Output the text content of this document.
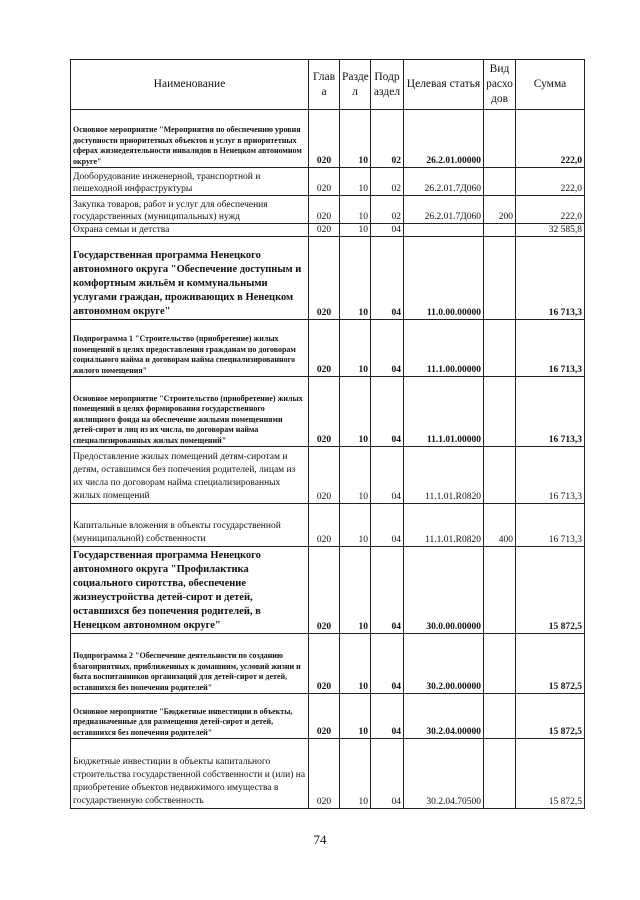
Наименование	Глав а	Разде л	Подр аздел	Целевая статья	Вид расхо дов	Сумма
Основное мероприятие "Мероприятия по обеспечению уровня доступности приоритетных объектов и услуг в приоритетных сферах жизнедеятельности инвалидов в Ненецком автономном округе"	020	10	02	26.2.01.00000		222,0
Дооборудование инженерной, транспортной и пешеходной инфраструктуры	020	10	02	26.2.01.7Д060		222,0
Закупка товаров, работ и услуг для обеспечения государственных (муниципальных) нужд	020	10	02	26.2.01.7Д060	200	222,0
Охрана семьи и детства	020	10	04			32 585,8
Государственная программа Ненецкого автономного округа "Обеспечение доступным и комфортным жильём и коммунальными услугами граждан, проживающих в Ненецком автономном округе"	020	10	04	11.0.00.00000		16 713,3
Подпрограмма 1 "Строительство (приобретение) жилых помещений в целях предоставления гражданам по договорам социального найма и договорам найма специализированного жилого помещения"	020	10	04	11.1.00.00000		16 713,3
Основное мероприятие "Строительство (приобретение) жилых помещений в целях формирования государственного жилищного фонда на обеспечение жилыми помещениями детей-сирот и лиц из их числа, по договорам найма специализированных жилых помещений"	020	10	04	11.1.01.00000		16 713,3
Предоставление жилых помещений детям-сиротам и детям, оставшимся без попечения родителей, лицам из их числа по договорам найма специализированных жилых помещений	020	10	04	11.1.01.R0820		16 713,3
Капитальные вложения в объекты государственной (муниципальной) собственности	020	10	04	11.1.01.R0820	400	16 713,3
Государственная программа Ненецкого автономного округа "Профилактика социального сиротства, обеспечение жизнеустройства детей-сирот и детей, оставшихся без попечения родителей, в Ненецком автономном округе"	020	10	04	30.0.00.00000		15 872,5
Подпрограмма 2 "Обеспечение деятельности по созданию благоприятных, приближенных к домашним, условий жизни и быта воспитанников организаций для детей-сирот и детей, оставшихся без попечения родителей"	020	10	04	30.2.00.00000		15 872,5
Основное мероприятие "Бюджетные инвестиции в объекты, предназначенные для размещения детей-сирот и детей, оставшихся без попечения родителей"	020	10	04	30.2.04.00000		15 872,5
Бюджетные инвестиции в объекты капитального строительства государственной собственности и (или) на приобретение объектов недвижимого имущества в государственную собственность	020	10	04	30.2.04.70500		15 872,5
74
